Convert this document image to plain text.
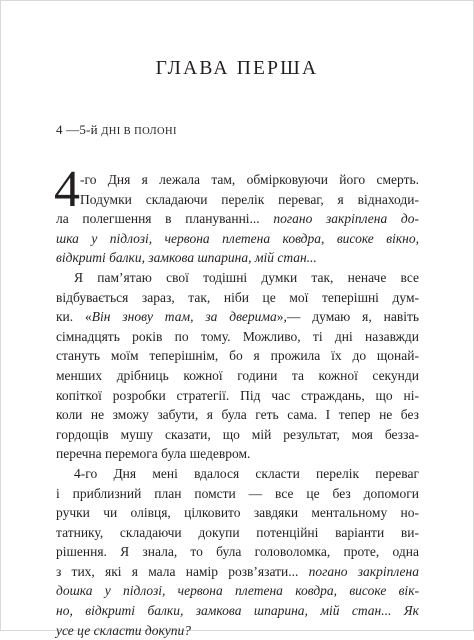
ГЛАВА ПЕРША
4 —5-й ДНІ В ПОЛОНІ
4 -го Дня я лежала там, обмірковуючи його смерть.
Подумки складаючи перелік переваг, я віднаходи-
ла полегшення в плануванні... погано закріплена до-
шка у підлозі, червона плетена ковдра, високе вікно,
відкриті балки, замкова шпарина, мій стан...
Я пам’ятаю свої тодішні думки так, неначе все
відбувається зараз, так, ніби це мої теперішні дум-
ки. «Він знову там, за дверима»,— думаю я, навіть
сімнадцять років по тому. Можливо, ті дні назавжди
стануть моїм теперішнім, бо я прожила їх до щонай-
менших дрібниць кожної години та кожної секунди
копіткої розробки стратегії. Під час страждань, що ні-
коли не зможу забути, я була геть сама. І тепер не без
гордощів мушу сказати, що мій результат, моя безза-
перечна перемога була шедевром.
4-го Дня мені вдалося скласти перелік переваг
і приблизний план помсти — все це без допомоги
ручки чи олівця, цілковито завдяки ментальному но-
татнику, складаючи докупи потенційні варіанти ви-
рішення. Я знала, то була головоломка, проте, одна
з тих, які я мала намір розв’язати... погано закріплена
дошка у підлозі, червона плетена ковдра, високе вік-
но, відкриті балки, замкова шпарина, мій стан... Як
усе це скласти докупи?
